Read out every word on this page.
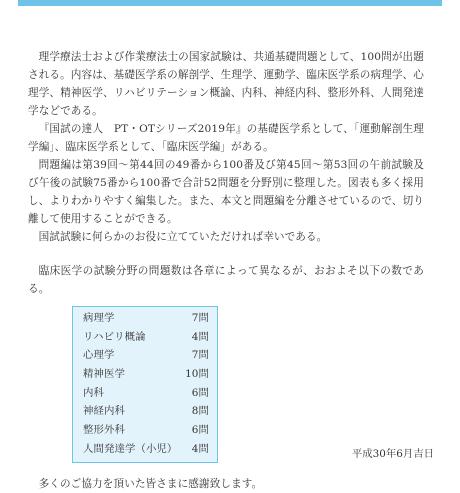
理学療法士および作業療法士の国家試験は、共通基礎問題として、100問が出題される。内容は、基礎医学系の解剖学、生理学、運動学、臨床医学系の病理学、心理学、精神医学、リハビリテーション概論、内科、神経内科、整形外科、人間発達学などである。

『国試の達人　PT・OTシリーズ2019年』の基礎医学系として、「運動解剖生理学編」、臨床医学系として、「臨床医学編」がある。

問題編は第39回～第44回の49番から100番及び第45回～第53回の午前試験及び午後の試験75番から100番で合計52問題を分野別に整理した。図表も多く採用し、よりわかりやすく編集した。また、本文と問題編を分離させているので、切り離して使用することができる。

国試試験に何らかのお役に立てていただければ幸いである。

臨床医学の試験分野の問題数は各章によって異なるが、おおよそ以下の数である。

病理学	7問
リハビリ概論	4問
心理学	7問
精神医学	10問
内科	6問
神経内科	8問
整形外科	6問
人間発達学（小児） 4問

多くのご協力を頂いた皆さまに感謝致します。

平成30年6月吉日
